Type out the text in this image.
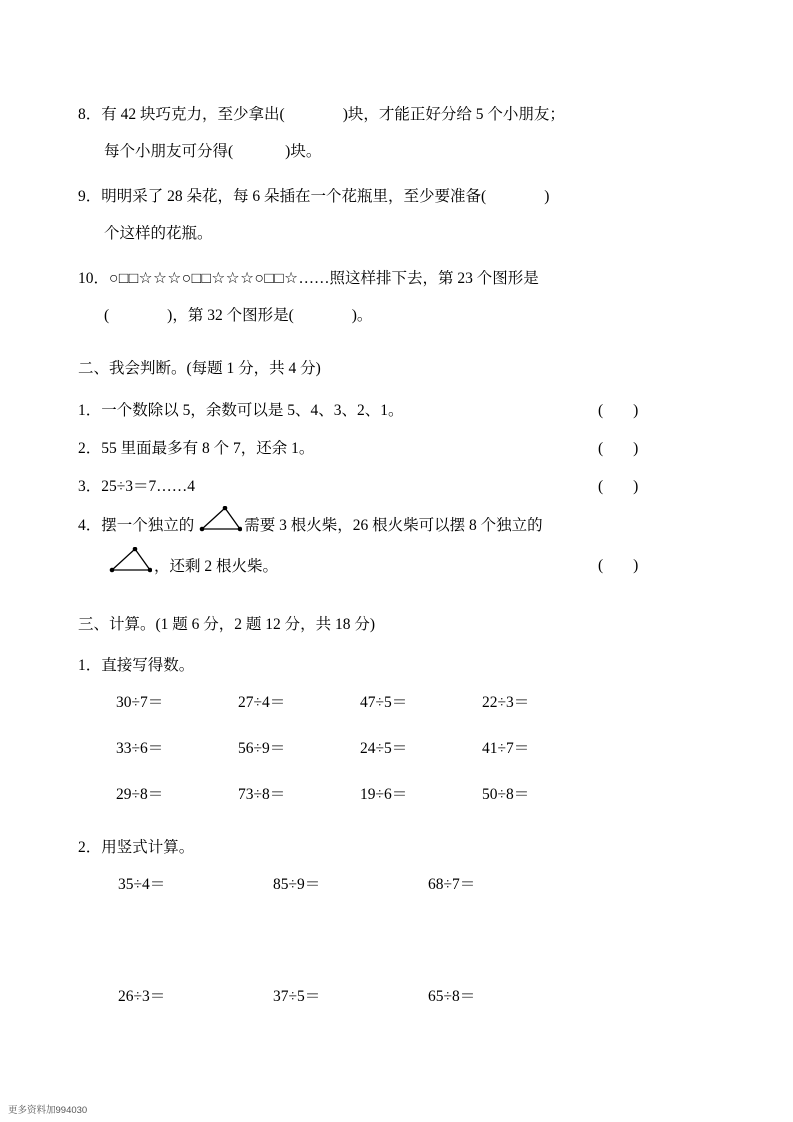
8．有 42 块巧克力，至少拿出(	)块，才能正好分给 5 个小朋友；
每个小朋友可分得(	)块。
9．明明采了 28 朵花，每 6 朵插在一个花瓶里，至少要准备(	)
个这样的花瓶。
10．○□□☆☆☆○□□☆☆☆○□□☆……照这样排下去，第 23 个图形是
(	)，第 32 个图形是(	)。
二、我会判断。(每题 1 分，共 4 分)
1．一个数除以 5，余数可以是 5、4、3、2、1。	( )
2．55 里面最多有 8 个 7，还余 1。	( )
3．25÷3＝7……4	( )
4．摆一个独立的	需要 3 根火柴，26 根火柴可以摆 8 个独立的
，还剩 2 根火柴。	( )
三、计算。(1 题 6 分，2 题 12 分，共 18 分)
1．直接写得数。
30÷7＝	27÷4＝	47÷5＝	22÷3＝
33÷6＝	56÷9＝	24÷5＝	41÷7＝
29÷8＝	73÷8＝	19÷6＝	50÷8＝
2．用竖式计算。
35÷4＝	85÷9＝	68÷7＝
26÷3＝	37÷5＝	65÷8＝
更多资料加994030
